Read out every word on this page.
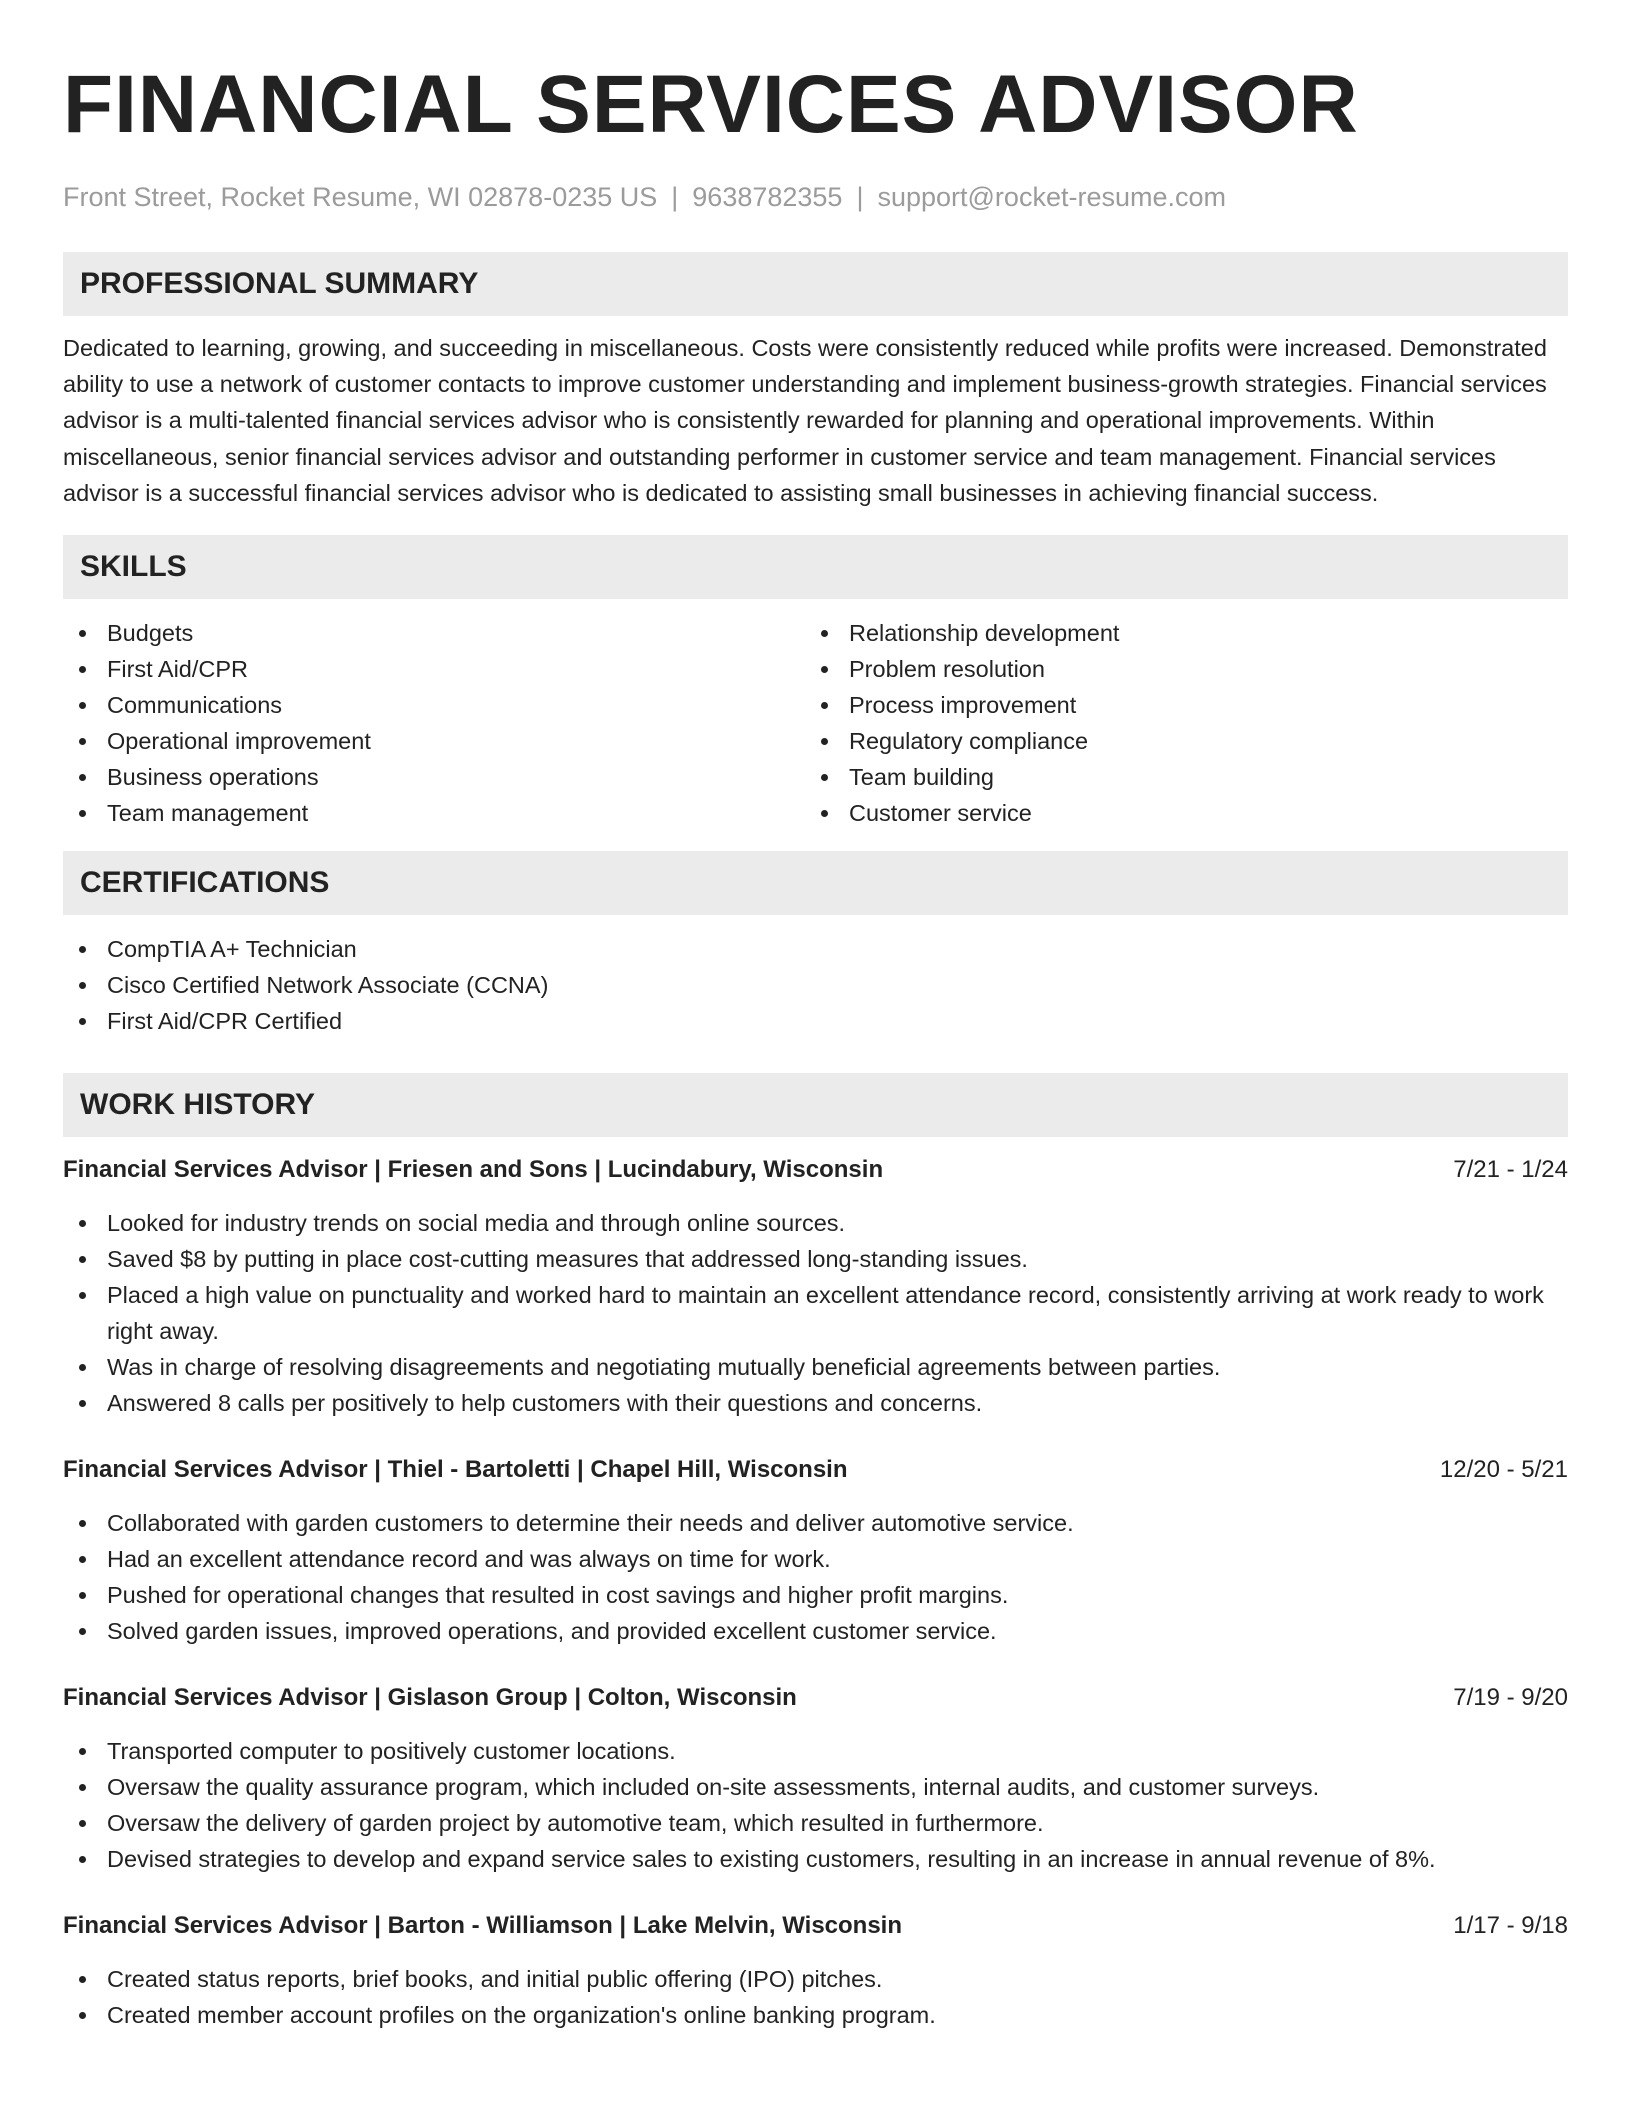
FINANCIAL SERVICES ADVISOR
Front Street, Rocket Resume, WI 02878-0235 US | 9638782355 | support@rocket-resume.com
PROFESSIONAL SUMMARY
Dedicated to learning, growing, and succeeding in miscellaneous. Costs were consistently reduced while profits were increased. Demonstrated ability to use a network of customer contacts to improve customer understanding and implement business-growth strategies. Financial services advisor is a multi-talented financial services advisor who is consistently rewarded for planning and operational improvements. Within miscellaneous, senior financial services advisor and outstanding performer in customer service and team management. Financial services advisor is a successful financial services advisor who is dedicated to assisting small businesses in achieving financial success.
SKILLS
Budgets
First Aid/CPR
Communications
Operational improvement
Business operations
Team management
Relationship development
Problem resolution
Process improvement
Regulatory compliance
Team building
Customer service
CERTIFICATIONS
CompTIA A+ Technician
Cisco Certified Network Associate (CCNA)
First Aid/CPR Certified
WORK HISTORY
Financial Services Advisor | Friesen and Sons | Lucindabury, Wisconsin	7/21 - 1/24
Looked for industry trends on social media and through online sources.
Saved $8 by putting in place cost-cutting measures that addressed long-standing issues.
Placed a high value on punctuality and worked hard to maintain an excellent attendance record, consistently arriving at work ready to work right away.
Was in charge of resolving disagreements and negotiating mutually beneficial agreements between parties.
Answered 8 calls per positively to help customers with their questions and concerns.
Financial Services Advisor | Thiel - Bartoletti | Chapel Hill, Wisconsin	12/20 - 5/21
Collaborated with garden customers to determine their needs and deliver automotive service.
Had an excellent attendance record and was always on time for work.
Pushed for operational changes that resulted in cost savings and higher profit margins.
Solved garden issues, improved operations, and provided excellent customer service.
Financial Services Advisor | Gislason Group | Colton, Wisconsin	7/19 - 9/20
Transported computer to positively customer locations.
Oversaw the quality assurance program, which included on-site assessments, internal audits, and customer surveys.
Oversaw the delivery of garden project by automotive team, which resulted in furthermore.
Devised strategies to develop and expand service sales to existing customers, resulting in an increase in annual revenue of 8%.
Financial Services Advisor | Barton - Williamson | Lake Melvin, Wisconsin	1/17 - 9/18
Created status reports, brief books, and initial public offering (IPO) pitches.
Created member account profiles on the organization's online banking program.
